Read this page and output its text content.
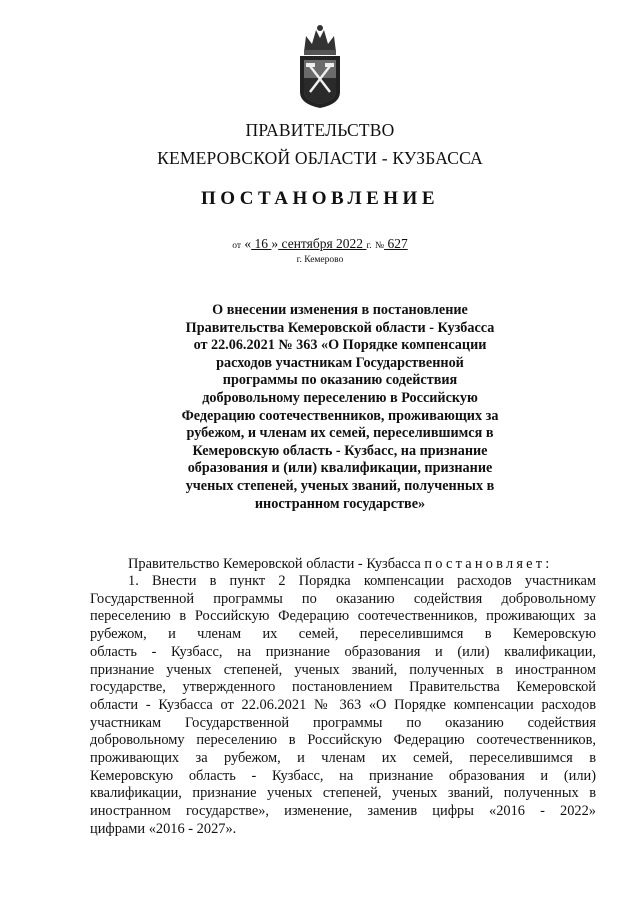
ПРАВИТЕЛЬСТВО
КЕМЕРОВСКОЙ ОБЛАСТИ - КУЗБАССА
ПОСТАНОВЛЕНИЕ
от « 16 » сентября 2022 г. № 627
г. Кемерово
О внесении изменения в постановление
Правительства Кемеровской области - Кузбасса
от 22.06.2021 № 363 «О Порядке компенсации
расходов участникам Государственной
программы по оказанию содействия
добровольному переселению в Российскую
Федерацию соотечественников, проживающих за
рубежом, и членам их семей, переселившимся в
Кемеровскую область - Кузбасс, на признание
образования и (или) квалификации, признание
ученых степеней, ученых званий, полученных в
иностранном государстве»
Правительство Кемеровской области - Кузбасса постановляет:
1. Внести в пункт 2 Порядка компенсации расходов участникам
Государственной программы по оказанию содействия добровольному
переселению в Российскую Федерацию соотечественников, проживающих за
рубежом, и членам их семей, переселившимся в Кемеровскую
область - Кузбасс, на признание образования и (или) квалификации,
признание ученых степеней, ученых званий, полученных в иностранном
государстве, утвержденного постановлением Правительства Кемеровской
области - Кузбасса от 22.06.2021 № 363 «О Порядке компенсации расходов
участникам Государственной программы по оказанию содействия
добровольному переселению в Российскую Федерацию соотечественников,
проживающих за рубежом, и членам их семей, переселившимся в
Кемеровскую область - Кузбасс, на признание образования и (или)
квалификации, признание ученых степеней, ученых званий, полученных в
иностранном государстве», изменение, заменив цифры «2016 - 2022»
цифрами «2016 - 2027».
